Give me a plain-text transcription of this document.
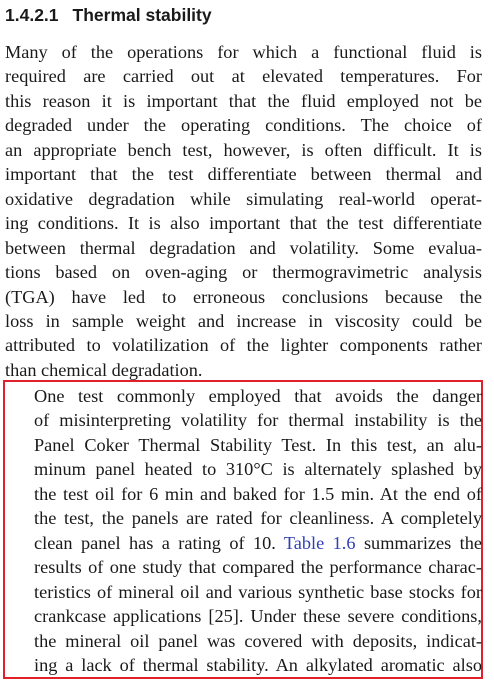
1.4.2.1 Thermal stability

Many of the operations for which a functional fluid is
required are carried out at elevated temperatures. For
this reason it is important that the fluid employed not be
degraded under the operating conditions. The choice of
an appropriate bench test, however, is often difficult. It is
important that the test differentiate between thermal and
oxidative degradation while simulating real-world operat-
ing conditions. It is also important that the test differentiate
between thermal degradation and volatility. Some evalua-
tions based on oven-aging or thermogravimetric analysis
(TGA) have led to erroneous conclusions because the
loss in sample weight and increase in viscosity could be
attributed to volatilization of the lighter components rather
than chemical degradation.

One test commonly employed that avoids the danger
of misinterpreting volatility for thermal instability is the
Panel Coker Thermal Stability Test. In this test, an alu-
minum panel heated to 310°C is alternately splashed by
the test oil for 6 min and baked for 1.5 min. At the end of
the test, the panels are rated for cleanliness. A completely
clean panel has a rating of 10. Table 1.6 summarizes the
results of one study that compared the performance charac-
teristics of mineral oil and various synthetic base stocks for
crankcase applications [25]. Under these severe conditions,
the mineral oil panel was covered with deposits, indicat-
ing a lack of thermal stability. An alkylated aromatic also
